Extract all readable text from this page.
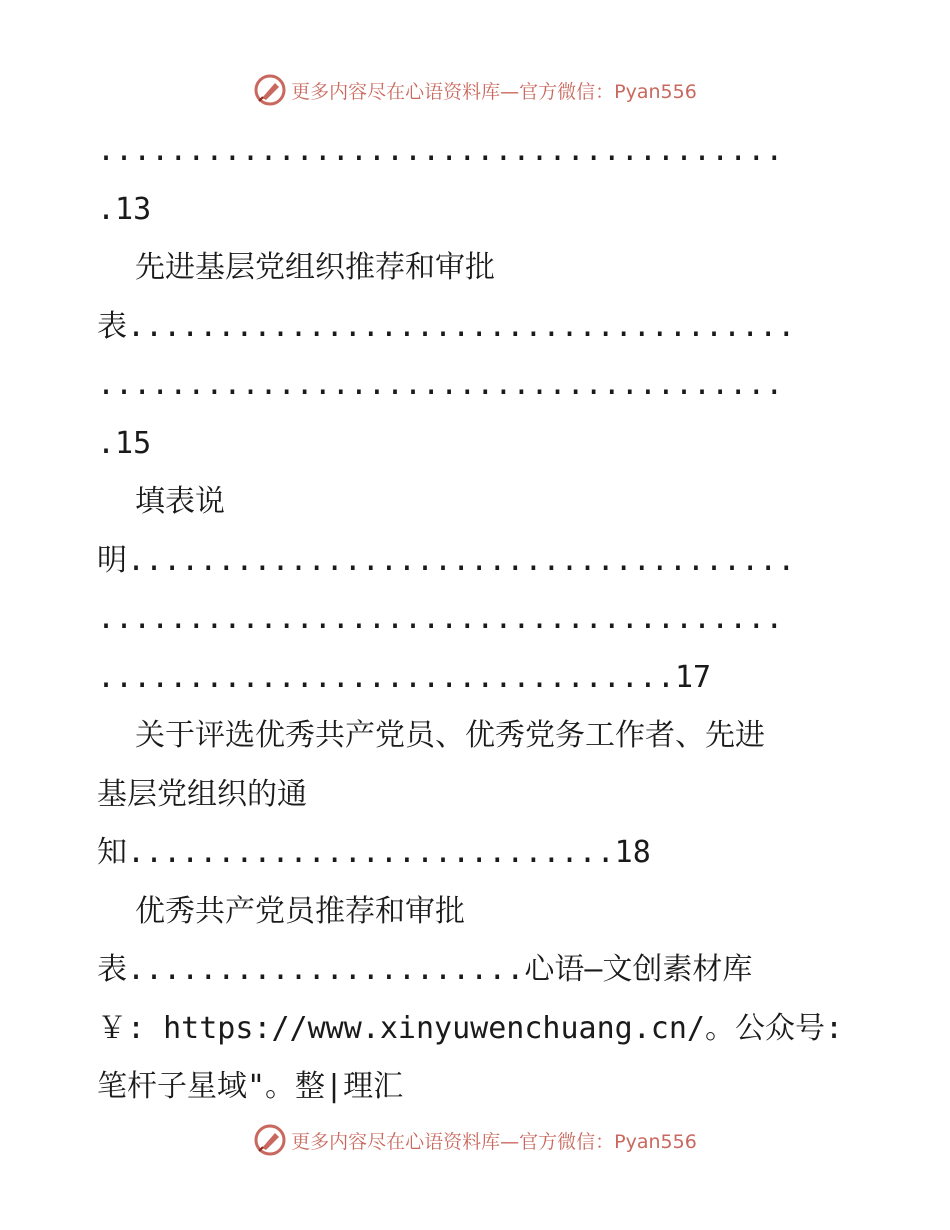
更多内容尽在心语资料库—官方微信：Pyan556
......................................
.13
先进基层党组织推荐和审批
表.....................................
......................................
.15
填表说
明.....................................
......................................
................................17
关于评选优秀共产党员、优秀党务工作者、先进
基层党组织的通
知...........................18
优秀共产党员推荐和审批
表......................心语—文创素材库
￥: https://www.xinyuwenchuang.cn/。公众号:
笔杆子星域"。整|理汇
更多内容尽在心语资料库—官方微信：Pyan556
